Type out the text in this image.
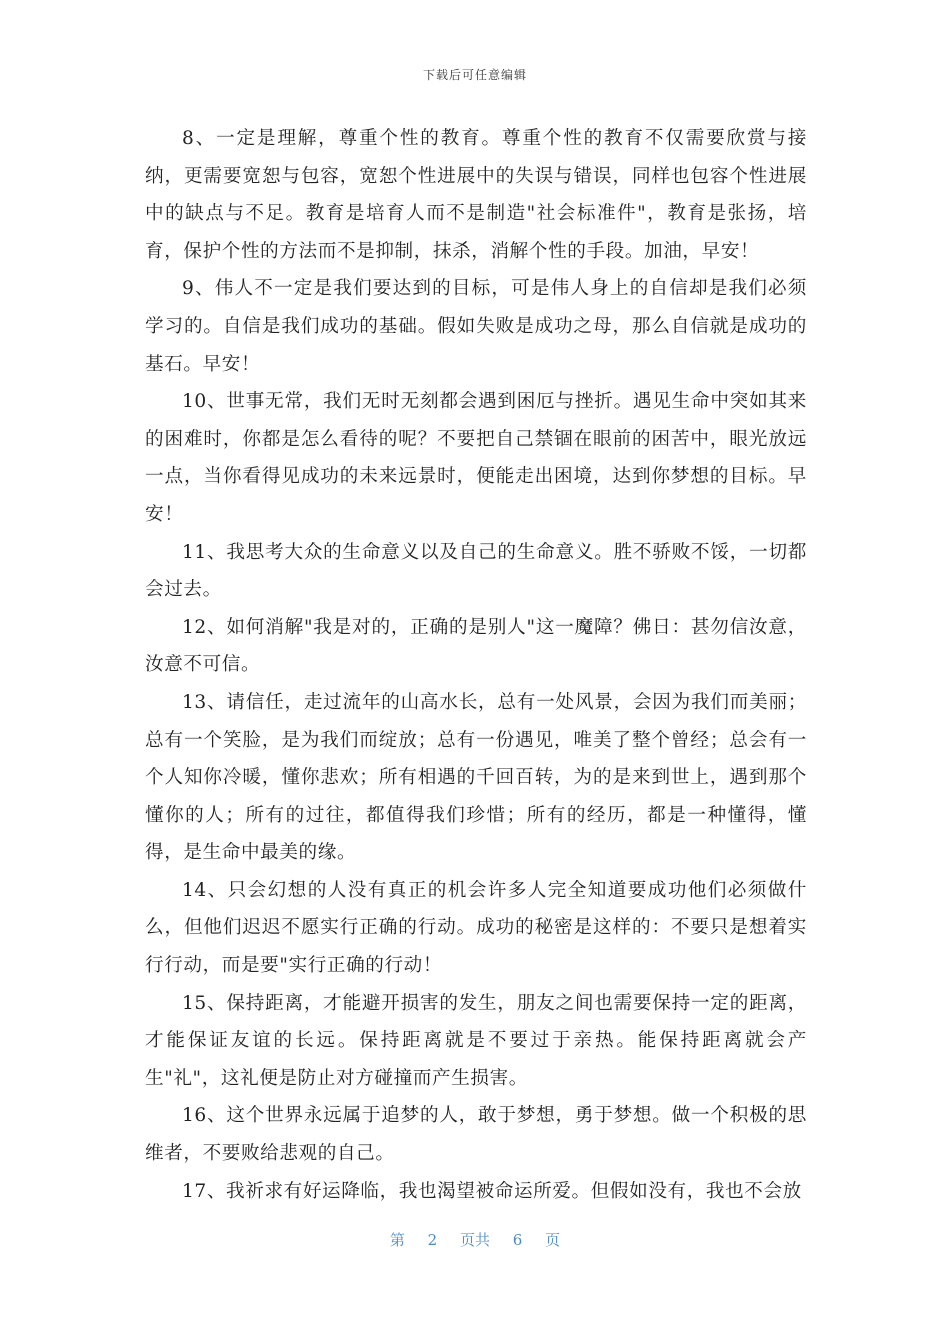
下载后可任意编辑

8、一定是理解，尊重个性的教育。尊重个性的教育不仅需要欣赏与接纳，更需要宽恕与包容，宽恕个性进展中的失误与错误，同样也包容个性进展中的缺点与不足。教育是培育人而不是制造"社会标准件"，教育是张扬，培育，保护个性的方法而不是抑制，抹杀，消解个性的手段。加油，早安！

9、伟人不一定是我们要达到的目标，可是伟人身上的自信却是我们必须学习的。自信是我们成功的基础。假如失败是成功之母，那么自信就是成功的基石。早安！

10、世事无常，我们无时无刻都会遇到困厄与挫折。遇见生命中突如其来的困难时，你都是怎么看待的呢？不要把自己禁锢在眼前的困苦中，眼光放远一点，当你看得见成功的未来远景时，便能走出困境，达到你梦想的目标。早安！

11、我思考大众的生命意义以及自己的生命意义。胜不骄败不馁，一切都会过去。

12、如何消解"我是对的，正确的是别人"这一魔障？佛日：甚勿信汝意，汝意不可信。

13、请信任，走过流年的山高水长，总有一处风景，会因为我们而美丽；总有一个笑脸，是为我们而绽放；总有一份遇见，唯美了整个曾经；总会有一个人知你冷暖，懂你悲欢；所有相遇的千回百转，为的是来到世上，遇到那个懂你的人；所有的过往，都值得我们珍惜；所有的经历，都是一种懂得，懂得，是生命中最美的缘。

14、只会幻想的人没有真正的机会许多人完全知道要成功他们必须做什么，但他们迟迟不愿实行正确的行动。成功的秘密是这样的：不要只是想着实行行动，而是要"实行正确的行动！

15、保持距离，才能避开损害的发生，朋友之间也需要保持一定的距离，才能保证友谊的长远。保持距离就是不要过于亲热。能保持距离就会产生"礼"，这礼便是防止对方碰撞而产生损害。

16、这个世界永远属于追梦的人，敢于梦想，勇于梦想。做一个积极的思维者，不要败给悲观的自己。

17、我祈求有好运降临，我也渴望被命运所爱。但假如没有，我也不会放

第 2 页共 6 页
